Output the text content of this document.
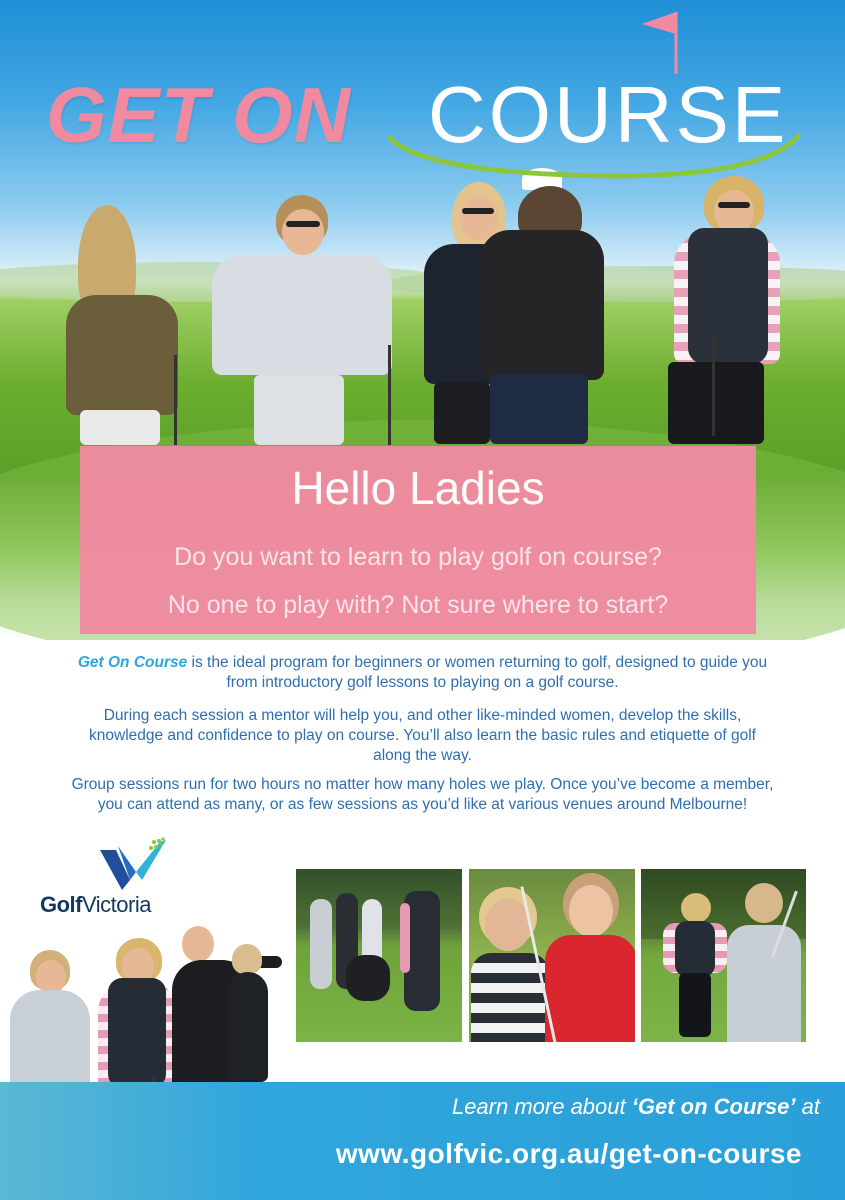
GET ON COURSE
Hello Ladies
Do you want to learn to play golf on course?
No one to play with? Not sure where to start?
Get On Course is the ideal program for beginners or women returning to golf, designed to guide you from introductory golf lessons to playing on a golf course.
During each session a mentor will help you, and other like-minded women, develop the skills, knowledge and confidence to play on course. You’ll also learn the basic rules and etiquette of golf along the way.
Group sessions run for two hours no matter how many holes we play. Once you’ve become a member, you can attend as many, or as few sessions as you’d like at various venues around Melbourne!
GolfVictoria
Learn more about ‘Get on Course’ at
www.golfvic.org.au/get-on-course
